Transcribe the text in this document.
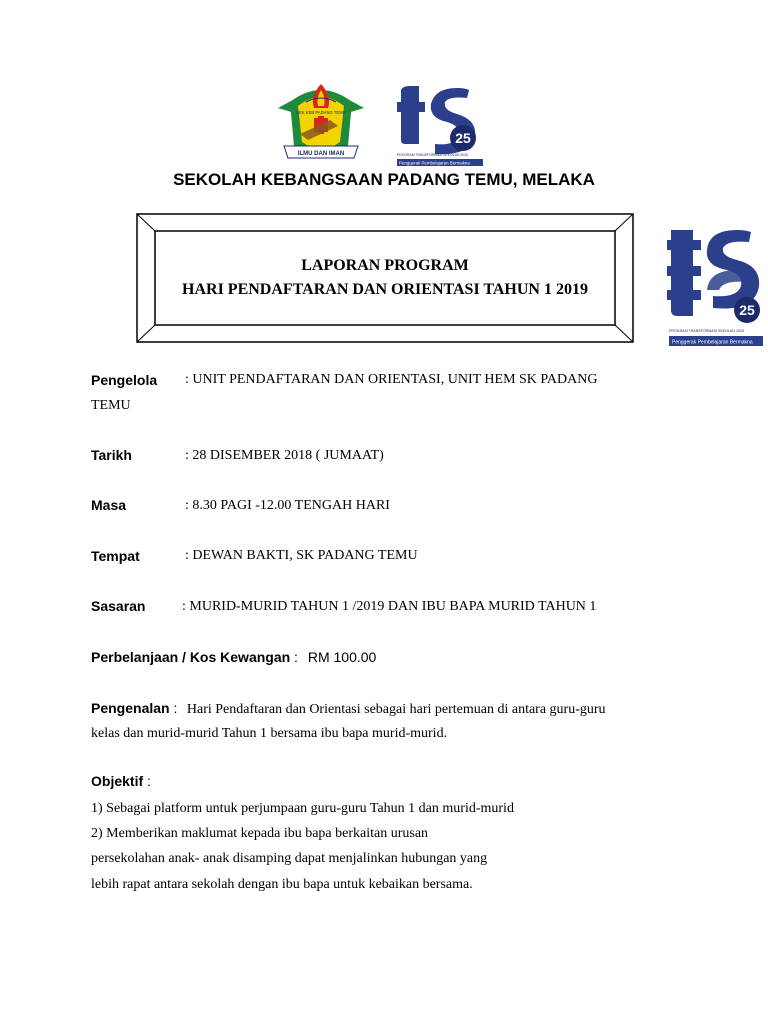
SEK KEB PADANG TEMU
ILMU DAN IMAN
25
PROGRAM TRANSFORMASI SEKOLAH 2025
Penggerak Pembelajaran Bermakna
SEKOLAH KEBANGSAAN PADANG TEMU, MELAKA
LAPORAN PROGRAM
HARI PENDAFTARAN DAN ORIENTASI TAHUN 1 2019
25
PROGRAM TRANSFORMASI SEKOLAH 2025
Penggerak Pembelajaran Bermakna
Pengelola : UNIT PENDAFTARAN DAN ORIENTASI, UNIT HEM SK PADANG
TEMU
Tarikh	: 28 DISEMBER 2018 ( JUMAAT)
Masa	: 8.30 PAGI -12.00 TENGAH HARI
Tempat	: DEWAN BAKTI, SK PADANG TEMU
Sasaran	: MURID-MURID TAHUN 1 /2019 DAN IBU BAPA MURID TAHUN 1
Perbelanjaan / Kos Kewangan : RM 100.00
Pengenalan : Hari Pendaftaran dan Orientasi sebagai hari pertemuan di antara guru-guru
kelas dan murid-murid Tahun 1 bersama ibu bapa murid-murid.
Objektif :
1) Sebagai platform untuk perjumpaan guru-guru Tahun 1 dan murid-murid
2) Memberikan maklumat kepada ibu bapa berkaitan urusan
persekolahan anak- anak disamping dapat menjalinkan hubungan yang
lebih rapat antara sekolah dengan ibu bapa untuk kebaikan bersama.
